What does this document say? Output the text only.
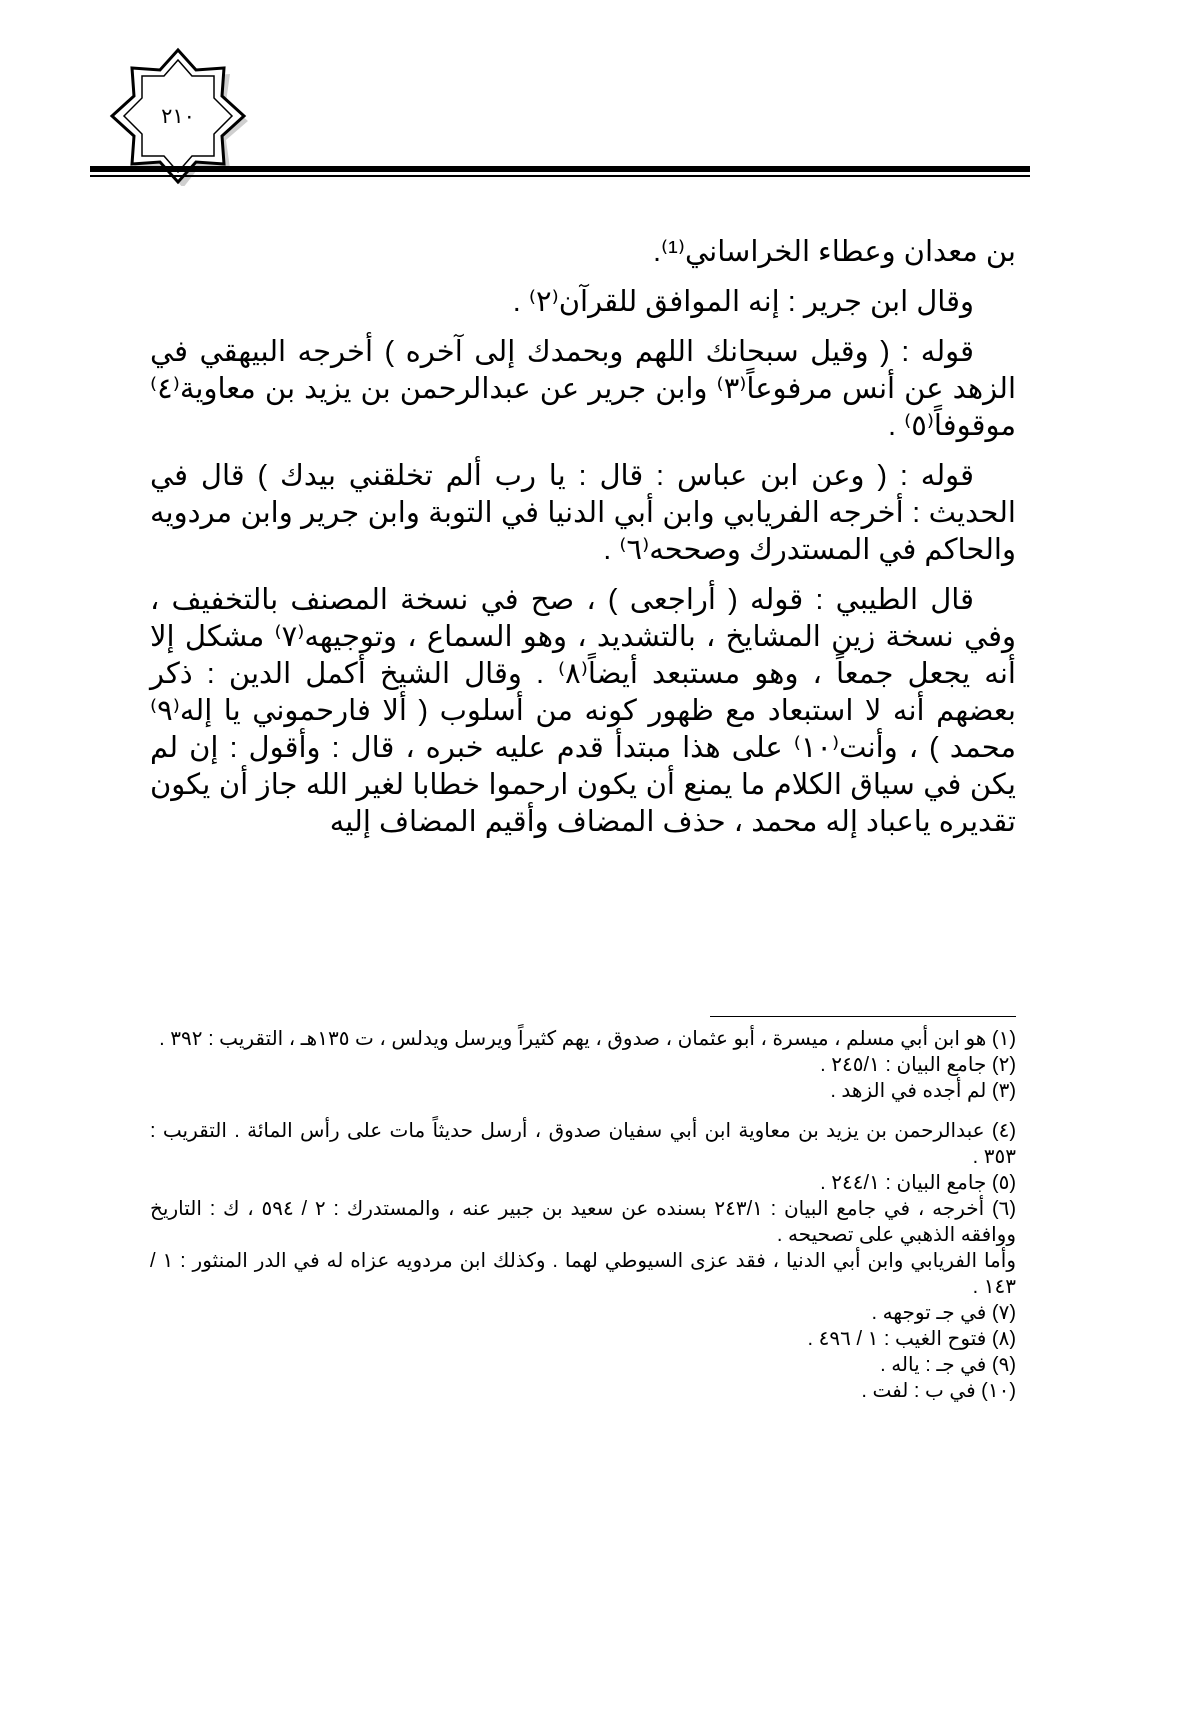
٢١٠

بن معدان وعطاء الخراساني⁽¹⁾.

وقال ابن جرير : إنه الموافق للقرآن⁽٢⁾ .

قوله : ( وقيل سبحانك اللهم وبحمدك إلى آخره ) أخرجه البيهقي في الزهد عن أنس مرفوعاً⁽٣⁾ وابن جرير عن عبدالرحمن بن يزيد بن معاوية⁽٤⁾ موقوفاً⁽٥⁾ .

قوله : ( وعن ابن عباس : قال : يا رب ألم تخلقني بيدك ) قال في الحديث : أخرجه الفريابي وابن أبي الدنيا في التوبة وابن جرير وابن مردويه والحاكم في المستدرك وصححه⁽٦⁾ .

قال الطيبي : قوله ( أراجعى ) ، صح في نسخة المصنف بالتخفيف ، وفي نسخة زين المشايخ ، بالتشديد ، وهو السماع ، وتوجيهه⁽٧⁾ مشكل إلا أنه يجعل جمعاً ، وهو مستبعد أيضاً⁽٨⁾ . وقال الشيخ أكمل الدين : ذكر بعضهم أنه لا استبعاد مع ظهور كونه من أسلوب ( ألا فارحموني يا إله⁽٩⁾ محمد ) ، وأنت⁽١٠⁾ على هذا مبتدأ قدم عليه خبره ، قال : وأقول : إن لم يكن في سياق الكلام ما يمنع أن يكون ارحموا خطابا لغير الله جاز أن يكون تقديره ياعباد إله محمد ، حذف المضاف وأقيم المضاف إليه

(١) هو ابن أبي مسلم ، ميسرة ، أبو عثمان ، صدوق ، يهم كثيراً ويرسل ويدلس ، ت ١٣٥هـ ، التقريب : ٣٩٢ .

(٢) جامع البيان : ٢٤٥/١ .

(٣) لم أجده في الزهد .

(٤) عبدالرحمن بن يزيد بن معاوية ابن أبي سفيان صدوق ، أرسل حديثاً مات على رأس المائة . التقريب : ٣٥٣ .

(٥) جامع البيان : ٢٤٤/١ .

(٦) أخرجه ، في جامع البيان : ٢٤٣/١ بسنده عن سعيد بن جبير عنه ، والمستدرك : ٢ / ٥٩٤ ، ك : التاريخ ووافقه الذهبي على تصحيحه .

وأما الفريابي وابن أبي الدنيا ، فقد عزى السيوطي لهما . وكذلك ابن مردويه عزاه له في الدر المنثور : ١ / ١٤٣ .

(٧) في جـ توجهه .

(٨) فتوح الغيب : ١ / ٤٩٦ .

(٩) في جـ : ياله .

(١٠) في ب : لفت .
